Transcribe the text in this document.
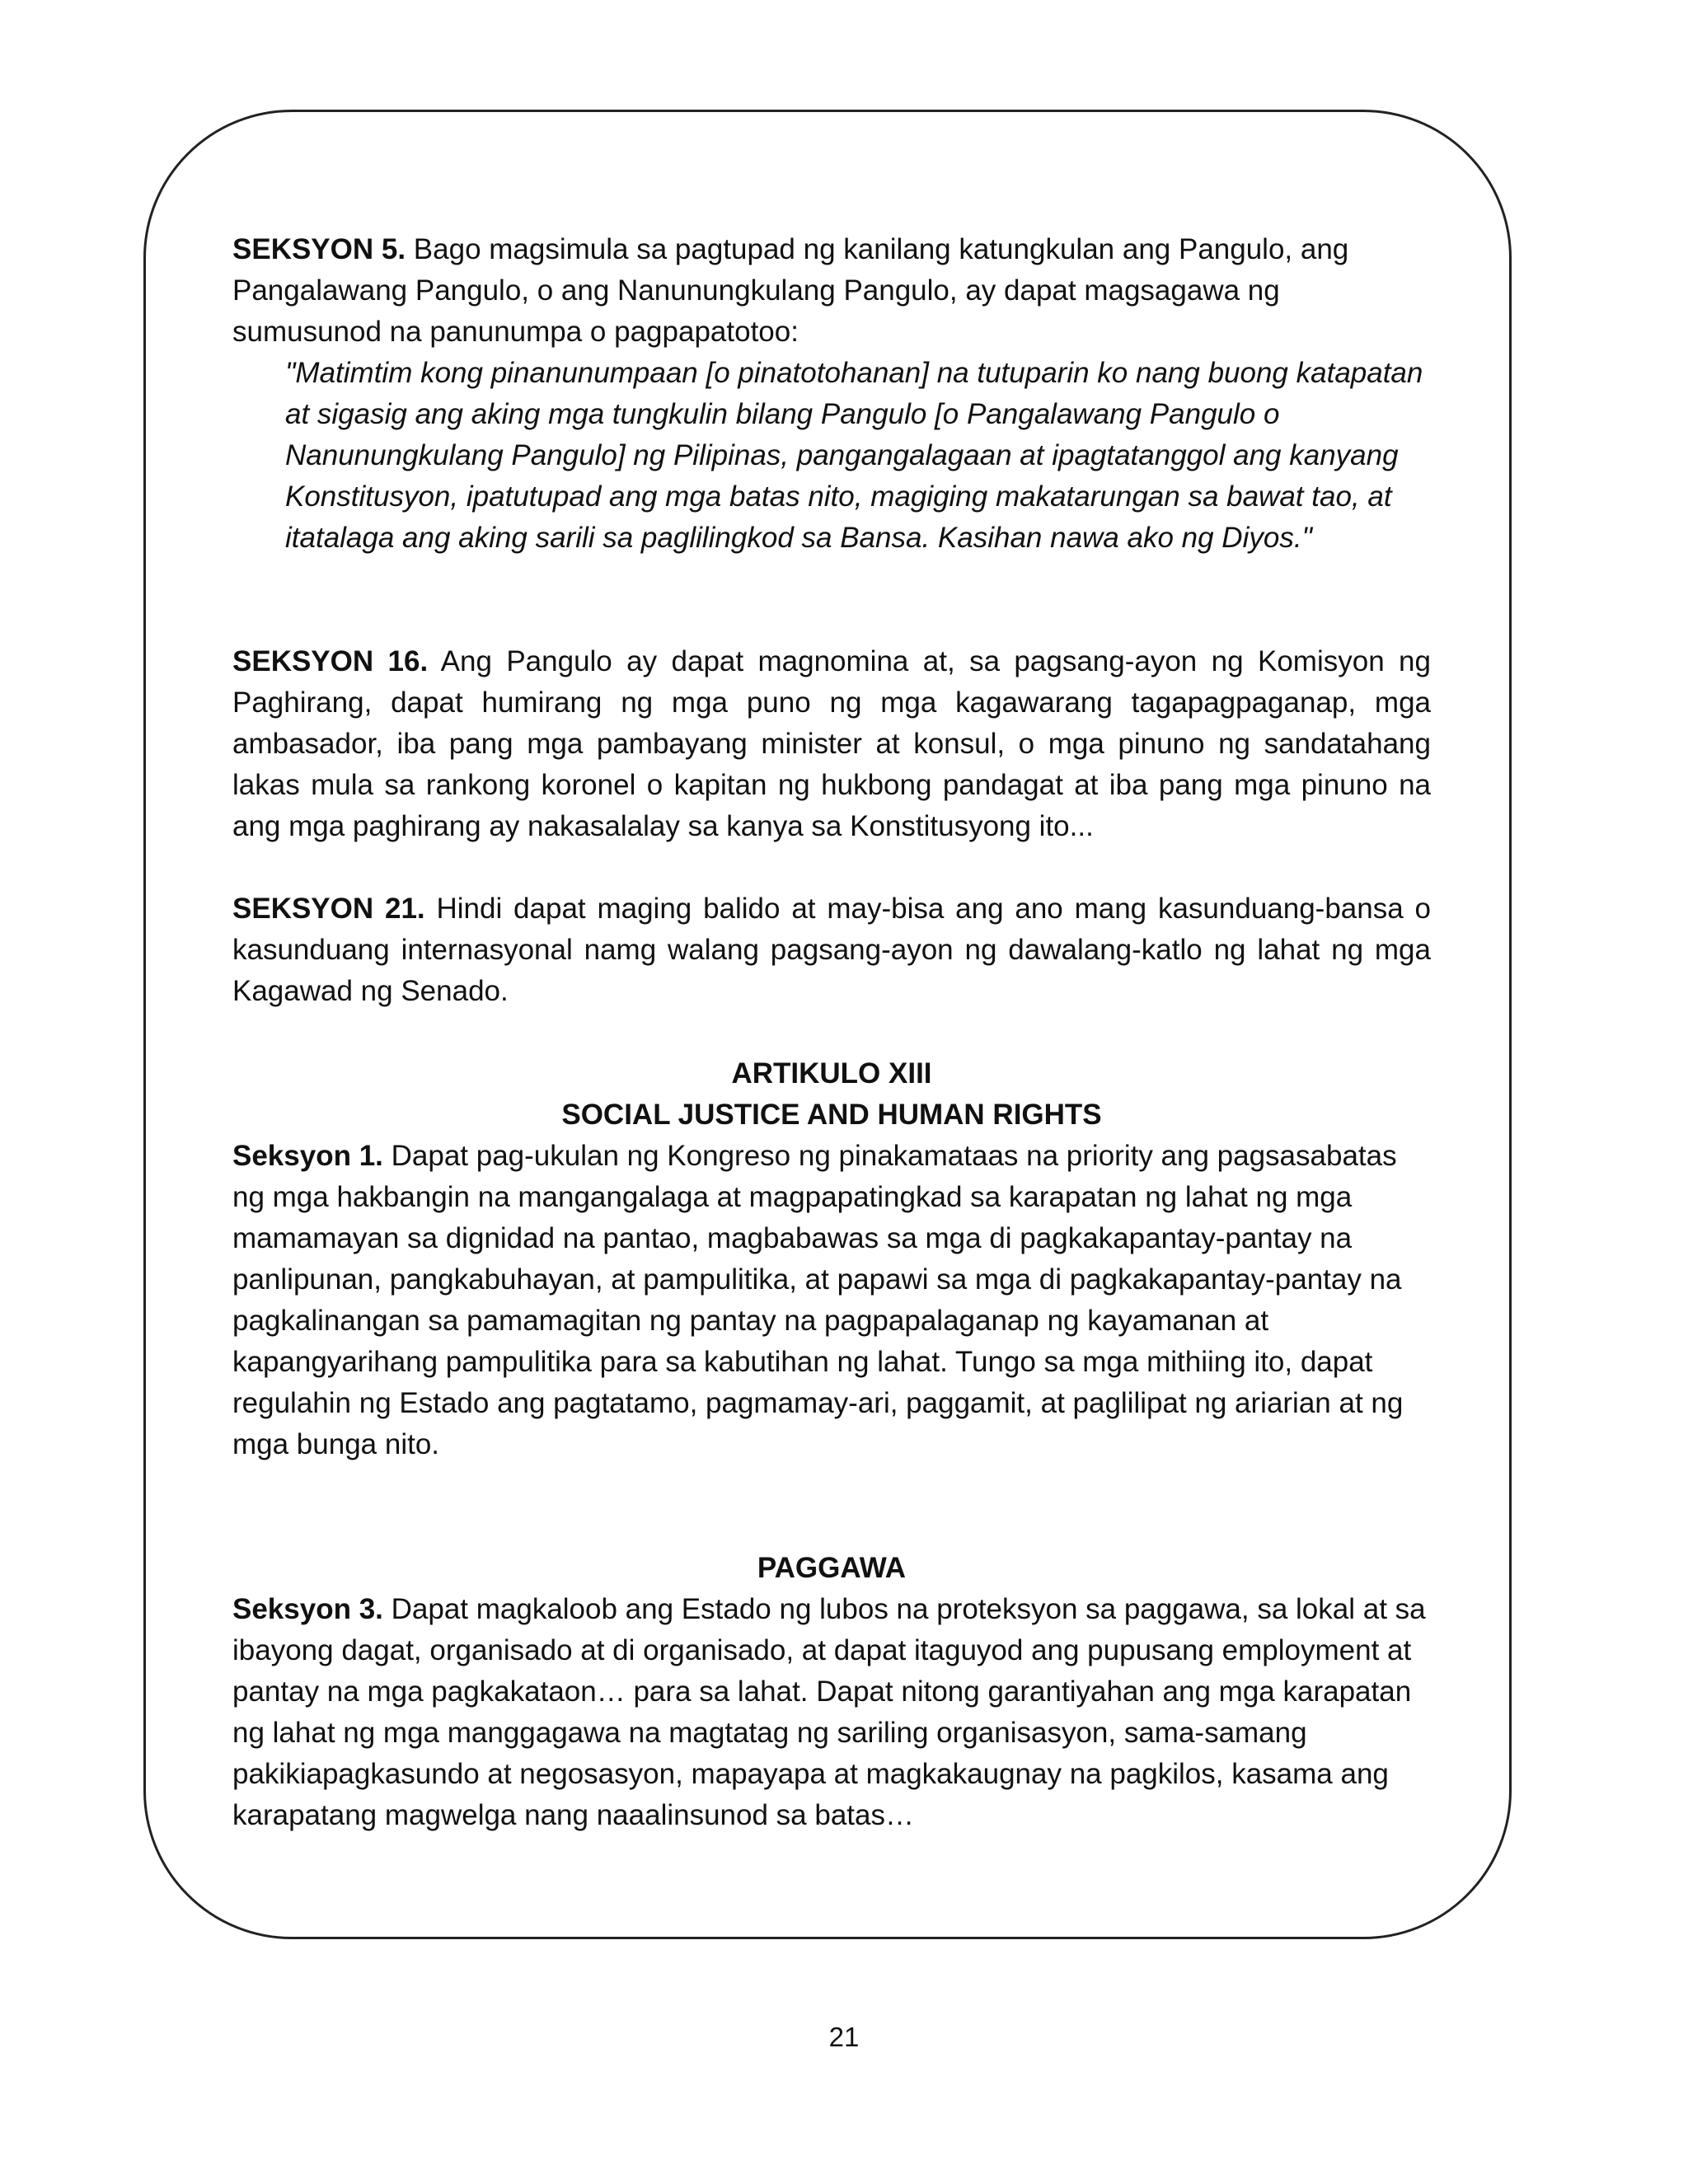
SEKSYON 5. Bago magsimula sa pagtupad ng kanilang katungkulan ang Pangulo, ang Pangalawang Pangulo, o ang Nanunungkulang Pangulo, ay dapat magsagawa ng sumusunod na panunumpa o pagpapatotoo:

"Matimtim kong pinanunumpaan [o pinatotohanan] na tutuparin ko nang buong katapatan at sigasig ang aking mga tungkulin bilang Pangulo [o Pangalawang Pangulo o Nanunungkulang Pangulo] ng Pilipinas, pangangalagaan at ipagtatanggol ang kanyang Konstitusyon, ipatutupad ang mga batas nito, magiging makatarungan sa bawat tao, at itatalaga ang aking sarili sa paglilingkod sa Bansa. Kasihan nawa ako ng Diyos."

SEKSYON 16. Ang Pangulo ay dapat magnomina at, sa pagsang-ayon ng Komisyon ng Paghirang, dapat humirang ng mga puno ng mga kagawarang tagapagpaganap, mga ambasador, iba pang mga pambayang minister at konsul, o mga pinuno ng sandatahang lakas mula sa rankong koronel o kapitan ng hukbong pandagat at iba pang mga pinuno na ang mga paghirang ay nakasalalay sa kanya sa Konstitusyong ito...

SEKSYON 21. Hindi dapat maging balido at may-bisa ang ano mang kasunduang-bansa o kasunduang internasyonal namg walang pagsang-ayon ng dawalang-katlo ng lahat ng mga Kagawad ng Senado.

ARTIKULO XIII

SOCIAL JUSTICE AND HUMAN RIGHTS

Seksyon 1. Dapat pag-ukulan ng Kongreso ng pinakamataas na priority ang pagsasabatas ng mga hakbangin na mangangalaga at magpapatingkad sa karapatan ng lahat ng mga mamamayan sa dignidad na pantao, magbabawas sa mga di pagkakapantay-pantay na panlipunan, pangkabuhayan, at pampulitika, at papawi sa mga di pagkakapantay-pantay na pagkalinangan sa pamamagitan ng pantay na pagpapalaganap ng kayamanan at kapangyarihang pampulitika para sa kabutihan ng lahat. Tungo sa mga mithiing ito, dapat regulahin ng Estado ang pagtatamo, pagmamay-ari, paggamit, at paglilipat ng ariarian at ng mga bunga nito.

PAGGAWA

Seksyon 3. Dapat magkaloob ang Estado ng lubos na proteksyon sa paggawa, sa lokal at sa ibayong dagat, organisado at di organisado, at dapat itaguyod ang pupusang employment at pantay na mga pagkakataon… para sa lahat. Dapat nitong garantiyahan ang mga karapatan ng lahat ng mga manggagawa na magtatag ng sariling organisasyon, sama-samang pakikiapagkasundo at negosasyon, mapayapa at magkakaugnay na pagkilos, kasama ang karapatang magwelga nang naaalinsunod sa batas…

21
